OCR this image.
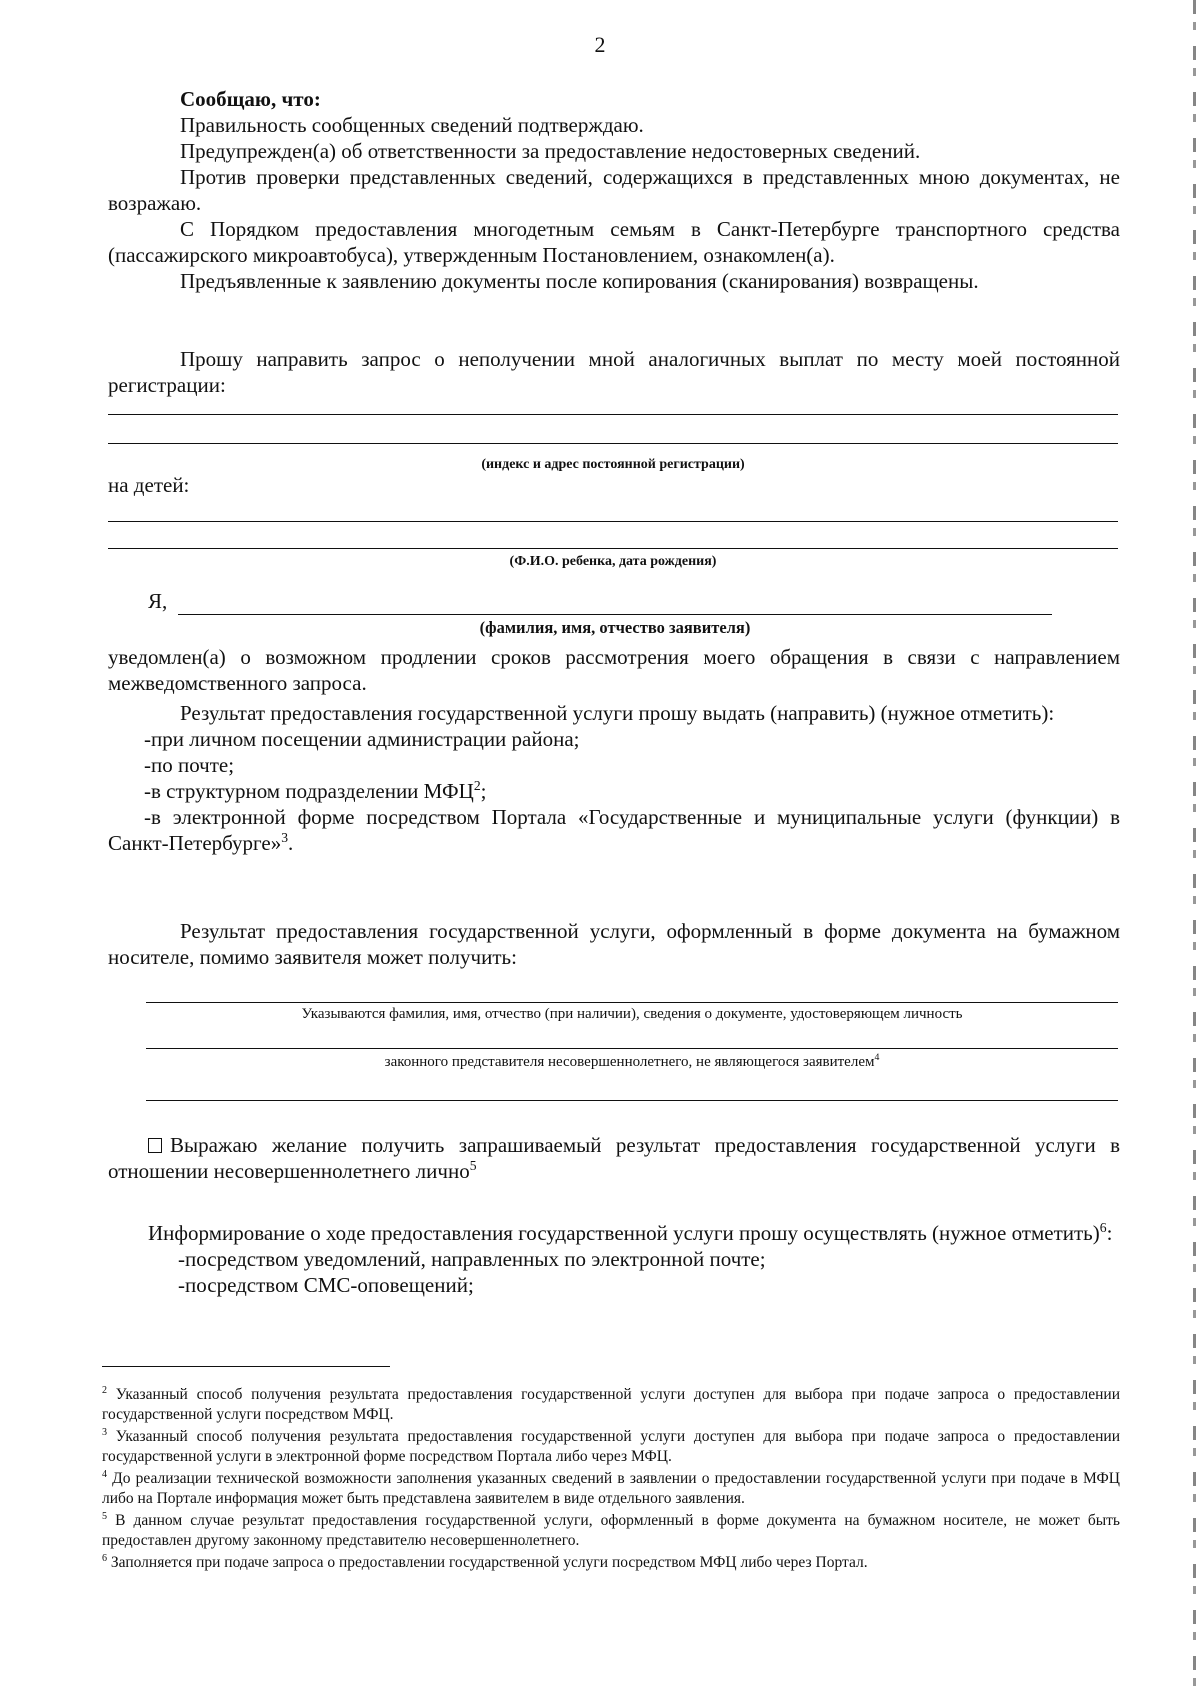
2

Сообщаю, что:

Правильность сообщенных сведений подтверждаю.

Предупрежден(а) об ответственности за предоставление недостоверных сведений.

Против проверки представленных сведений, содержащихся в представленных мною документах, не возражаю.

С Порядком предоставления многодетным семьям в Санкт-Петербурге транспортного средства (пассажирского микроавтобуса), утвержденным Постановлением, ознакомлен(а).

Предъявленные к заявлению документы после копирования (сканирования) возвращены.

Прошу направить запрос о неполучении мной аналогичных выплат по месту моей постоянной регистрации:

(индекс и адрес постоянной регистрации)
на детей:
(Ф.И.О. ребенка, дата рождения)
Я,
(фамилия, имя, отчество заявителя)

уведомлен(а) о возможном продлении сроков рассмотрения моего обращения в связи с направлением межведомственного запроса.

Результат предоставления государственной услуги прошу выдать (направить) (нужное отметить):

-при личном посещении администрации района;

-по почте;

-в структурном подразделении МФЦ$^2$;

-в электронной форме посредством Портала «Государственные и муниципальные услуги (функции) в Санкт-Петербурге»$^3$.

Результат предоставления государственной услуги, оформленный в форме документа на бумажном носителе, помимо заявителя может получить:

Указываются фамилия, имя, отчество (при наличии), сведения о документе, удостоверяющем личность
законного представителя несовершеннолетнего, не являющегося заявителем$^4$

Выражаю желание получить запрашиваемый результат предоставления государственной услуги в отношении несовершеннолетнего лично$^5$

Информирование о ходе предоставления государственной услуги прошу осуществлять (нужное отметить)$^6$:

-посредством уведомлений, направленных по электронной почте;

-посредством СМС-оповещений;

$^2$ Указанный способ получения результата предоставления государственной услуги доступен для выбора при подаче запроса о предоставлении государственной услуги посредством МФЦ.

$^3$ Указанный способ получения результата предоставления государственной услуги доступен для выбора при подаче запроса о предоставлении государственной услуги в электронной форме посредством Портала либо через МФЦ.

$^4$ До реализации технической возможности заполнения указанных сведений в заявлении о предоставлении государственной услуги при подаче в МФЦ либо на Портале информация может быть представлена заявителем в виде отдельного заявления.

$^5$ В данном случае результат предоставления государственной услуги, оформленный в форме документа на бумажном носителе, не может быть предоставлен другому законному представителю несовершеннолетнего.

$^6$ Заполняется при подаче запроса о предоставлении государственной услуги посредством МФЦ либо через Портал.
